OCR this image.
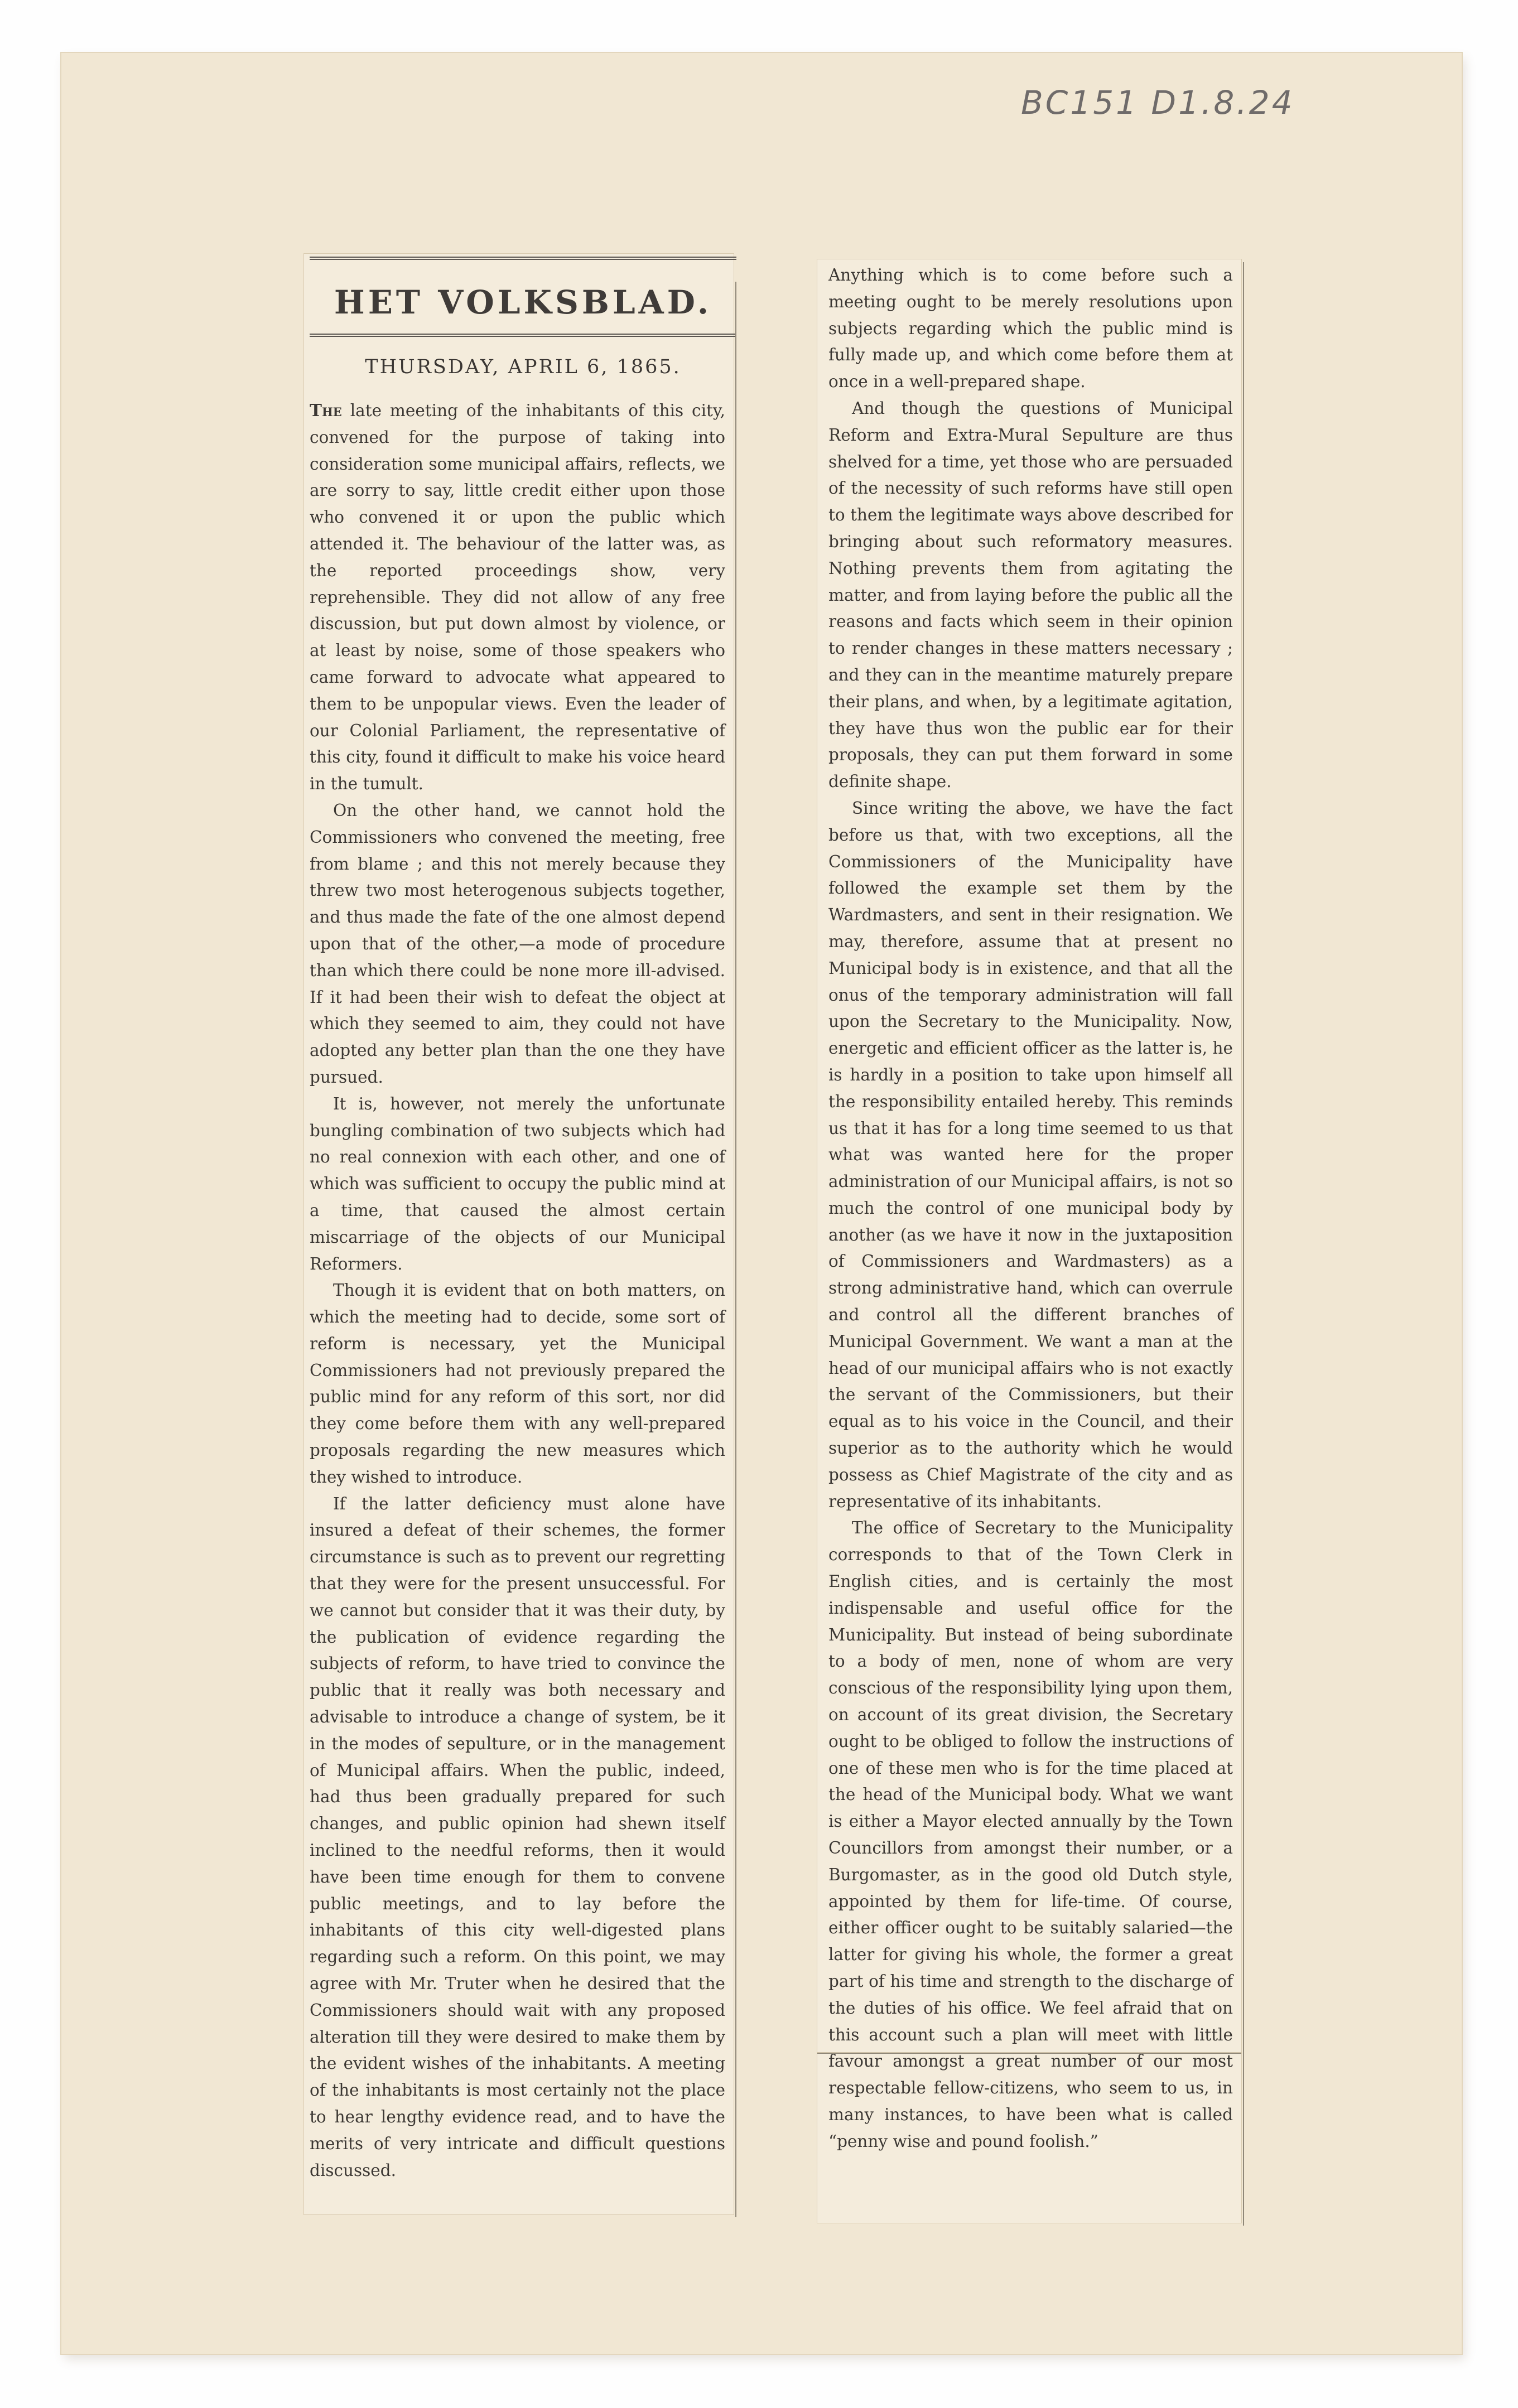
BC151 D1.8.24
HET VOLKSBLAD.
THURSDAY, APRIL 6, 1865.

The late meeting of the inhabitants of this city, convened for the purpose of taking into consideration some municipal affairs, reflects, we are sorry to say, little credit either upon those who convened it or upon the public which attended it. The behaviour of the latter was, as the reported proceedings show, very reprehensible. They did not allow of any free discussion, but put down almost by violence, or at least by noise, some of those speakers who came forward to advocate what appeared to them to be unpopular views. Even the leader of our Colonial Parliament, the representative of this city, found it difficult to make his voice heard in the tumult.

On the other hand, we cannot hold the Commissioners who convened the meeting, free from blame ; and this not merely because they threw two most heterogenous subjects together, and thus made the fate of the one almost depend upon that of the other,—a mode of procedure than which there could be none more ill-advised. If it had been their wish to defeat the object at which they seemed to aim, they could not have adopted any better plan than the one they have pursued.

It is, however, not merely the unfortunate bungling combination of two subjects which had no real connexion with each other, and one of which was sufficient to occupy the public mind at a time, that caused the almost certain miscarriage of the objects of our Municipal Reformers.

Though it is evident that on both matters, on which the meeting had to decide, some sort of reform is necessary, yet the Municipal Commissioners had not previously prepared the public mind for any reform of this sort, nor did they come before them with any well-prepared proposals regarding the new measures which they wished to introduce.

If the latter deficiency must alone have insured a defeat of their schemes, the former circumstance is such as to prevent our regretting that they were for the present unsuccessful. For we cannot but consider that it was their duty, by the publication of evidence regarding the subjects of reform, to have tried to convince the public that it really was both necessary and advisable to introduce a change of system, be it in the modes of sepulture, or in the management of Municipal affairs. When the public, indeed, had thus been gradually prepared for such changes, and public opinion had shewn itself inclined to the needful reforms, then it would have been time enough for them to convene public meetings, and to lay before the inhabitants of this city well-digested plans regarding such a reform. On this point, we may agree with Mr. Truter when he desired that the Commissioners should wait with any proposed alteration till they were desired to make them by the evident wishes of the inhabitants. A meeting of the inhabitants is most certainly not the place to hear lengthy evidence read, and to have the merits of very intricate and difficult questions discussed.

Anything which is to come before such a meeting ought to be merely resolutions upon subjects regarding which the public mind is fully made up, and which come before them at once in a well-prepared shape.

And though the questions of Municipal Reform and Extra-Mural Sepulture are thus shelved for a time, yet those who are persuaded of the necessity of such reforms have still open to them the legitimate ways above described for bringing about such reformatory measures. Nothing prevents them from agitating the matter, and from laying before the public all the reasons and facts which seem in their opinion to render changes in these matters necessary ; and they can in the meantime maturely prepare their plans, and when, by a legitimate agitation, they have thus won the public ear for their proposals, they can put them forward in some definite shape.

Since writing the above, we have the fact before us that, with two exceptions, all the Commissioners of the Municipality have followed the example set them by the Wardmasters, and sent in their resignation. We may, therefore, assume that at present no Municipal body is in existence, and that all the onus of the temporary administration will fall upon the Secretary to the Municipality. Now, energetic and efficient officer as the latter is, he is hardly in a position to take upon himself all the responsibility entailed hereby. This reminds us that it has for a long time seemed to us that what was wanted here for the proper administration of our Municipal affairs, is not so much the control of one municipal body by another (as we have it now in the juxtaposition of Commissioners and Wardmasters) as a strong administrative hand, which can overrule and control all the different branches of Municipal Government. We want a man at the head of our municipal affairs who is not exactly the servant of the Commissioners, but their equal as to his voice in the Council, and their superior as to the authority which he would possess as Chief Magistrate of the city and as representative of its inhabitants.

The office of Secretary to the Municipality corresponds to that of the Town Clerk in English cities, and is certainly the most indispensable and useful office for the Municipality. But instead of being subordinate to a body of men, none of whom are very conscious of the responsibility lying upon them, on account of its great division, the Secretary ought to be obliged to follow the instructions of one of these men who is for the time placed at the head of the Municipal body. What we want is either a Mayor elected annually by the Town Councillors from amongst their number, or a Burgomaster, as in the good old Dutch style, appointed by them for life-time. Of course, either officer ought to be suitably salaried—the latter for giving his whole, the former a great part of his time and strength to the discharge of the duties of his office. We feel afraid that on this account such a plan will meet with little favour amongst a great number of our most respectable fellow-citizens, who seem to us, in many instances, to have been what is called “penny wise and pound foolish.”
